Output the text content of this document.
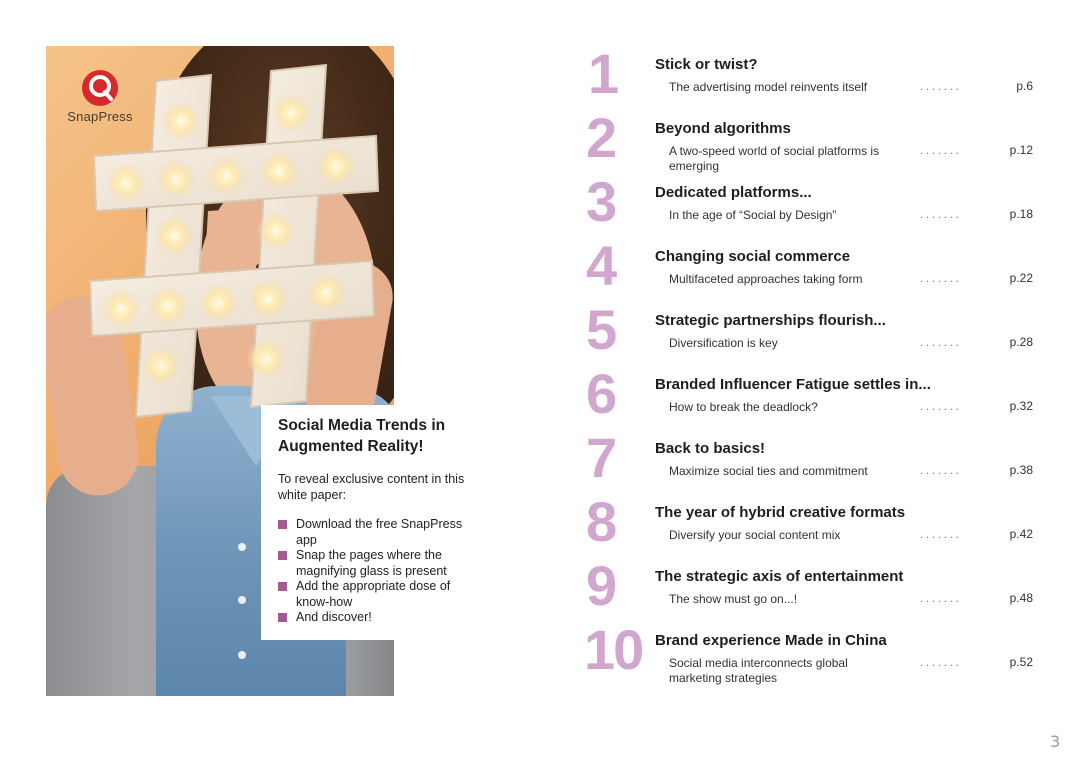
SnapPress
Social Media Trends in Augmented Reality!
To reveal exclusive content in this white paper:
Download the free SnapPress app
Snap the pages where the magnifying glass is present
Add the appropriate dose of know-how
And discover!
1	Stick or twist?
The advertising model reinvents itself	.......	p.6
2	Beyond algorithms
A two-speed world of social platforms is emerging
.......	p.12
3	Dedicated platforms...
In the age of “Social by Design”	.......	p.18
4	Changing social commerce
Multifaceted approaches taking form	.......	p.22
5	Strategic partnerships flourish...
Diversification is key	.......	p.28
6	Branded Influencer Fatigue settles in...
How to break the deadlock?	.......	p.32
7	Back to basics!
Maximize social ties and commitment	.......	p.38
8	The year of hybrid creative formats
Diversify your social content mix	.......	p.42
9	The strategic axis of entertainment
The show must go on...!	.......	p.48
10 Brand experience Made in China
Social media interconnects global marketing strategies
.......	p.52
3
